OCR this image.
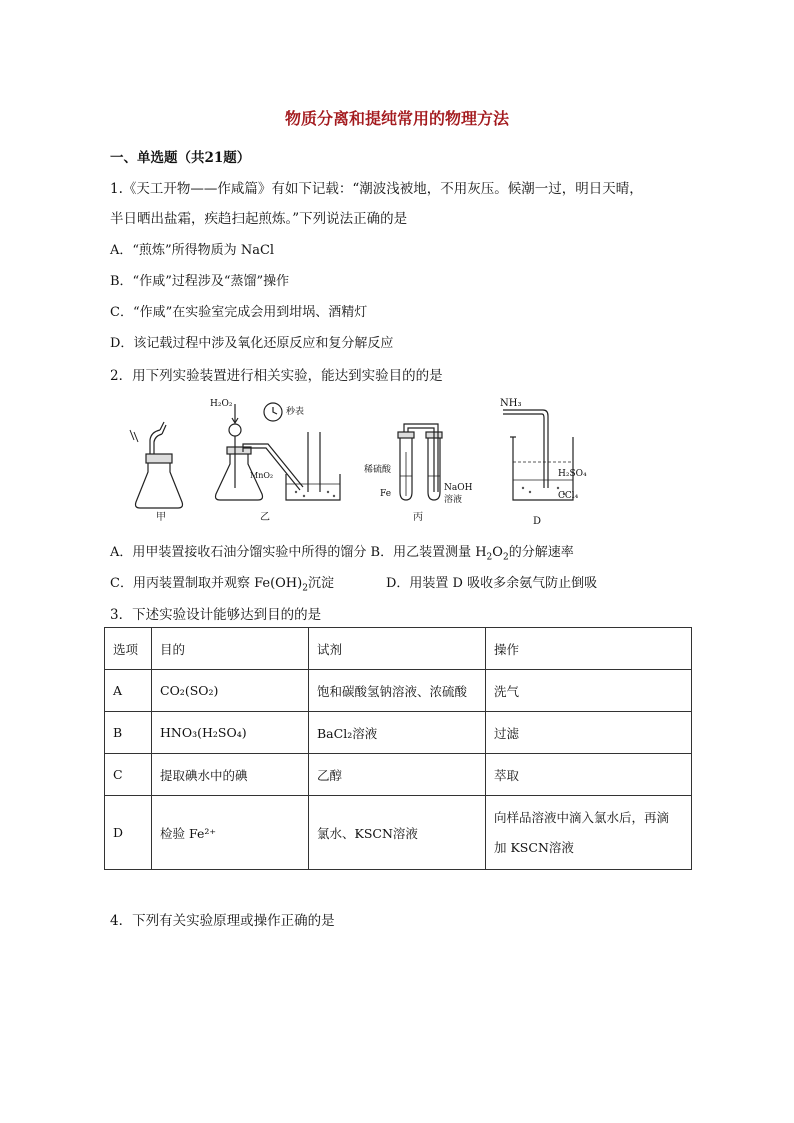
物质分离和提纯常用的物理方法
一、单选题（共21题）
1.《天工开物——作咸篇》有如下记载：“潮波浅被地，不用灰压。候潮一过，明日天晴，
半日晒出盐霜，疾趋扫起煎炼。”下列说法正确的是
A．“煎炼”所得物质为 NaCl
B．“作咸”过程涉及“蒸馏”操作
C．“作咸”在实验室完成会用到坩埚、酒精灯
D．该记载过程中涉及氧化还原反应和复分解反应
2．用下列实验装置进行相关实验，能达到实验目的的是
甲	乙	丙	D
H₂O₂
秒表
MnO₂
稀硫酸
Fe
NaOH
溶液
NH₃
H₂SO₄
CCl₄
A．用甲装置接收石油分馏实验中所得的馏分 B．用乙装置测量 $H_2O_2$的分解速率
C．用丙装置制取并观察 $Fe(OH)_2$沉淀	D．用装置 D 吸收多余氨气防止倒吸
3．下述实验设计能够达到目的的是
选项	目的	试剂	操作
A	CO₂(SO₂)	饱和碳酸氢钠溶液、浓硫酸	洗气
B	HNO₃(H₂SO₄)	BaCl₂溶液	过滤
C	提取碘水中的碘	乙醇	萃取
D	检验 Fe²⁺	氯水、KSCN溶液	向样品溶液中滴入氯水后，再滴
加 KSCN溶液
4．下列有关实验原理或操作正确的是
